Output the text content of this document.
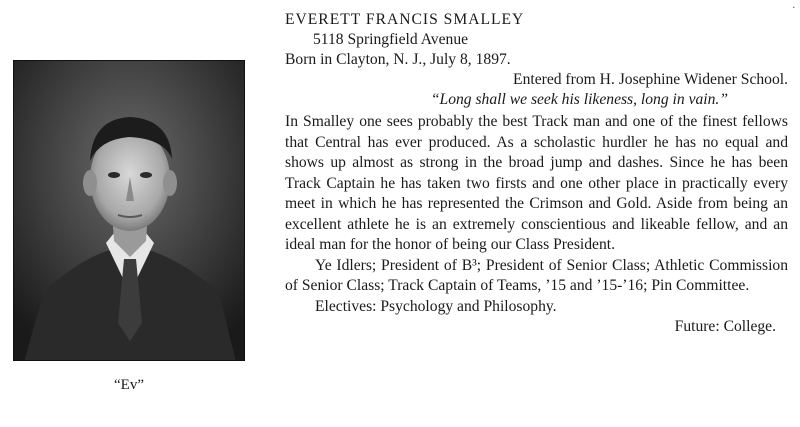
.
“Ev”
EVERETT FRANCIS SMALLEY
5118 Springfield Avenue
Born in Clayton, N. J., July 8, 1897.
Entered from H. Josephine Widener School.
“Long shall we seek his likeness, long in vain.”
In Smalley one sees probably the best Track man and one of the finest fellows that Central has ever produced. As a scholastic hurdler he has no equal and shows up almost as strong in the broad jump and dashes. Since he has been Track Captain he has taken two firsts and one other place in practically every meet in which he has represented the Crimson and Gold. Aside from being an excellent athlete he is an extremely conscientious and likeable fellow, and an ideal man for the honor of being our Class President.
Ye Idlers; President of B³; President of Senior Class; Athletic Commission of Senior Class; Track Captain of Teams, ’15 and ’15-’16; Pin Committee.
Electives: Psychology and Philosophy.
Future: College.
